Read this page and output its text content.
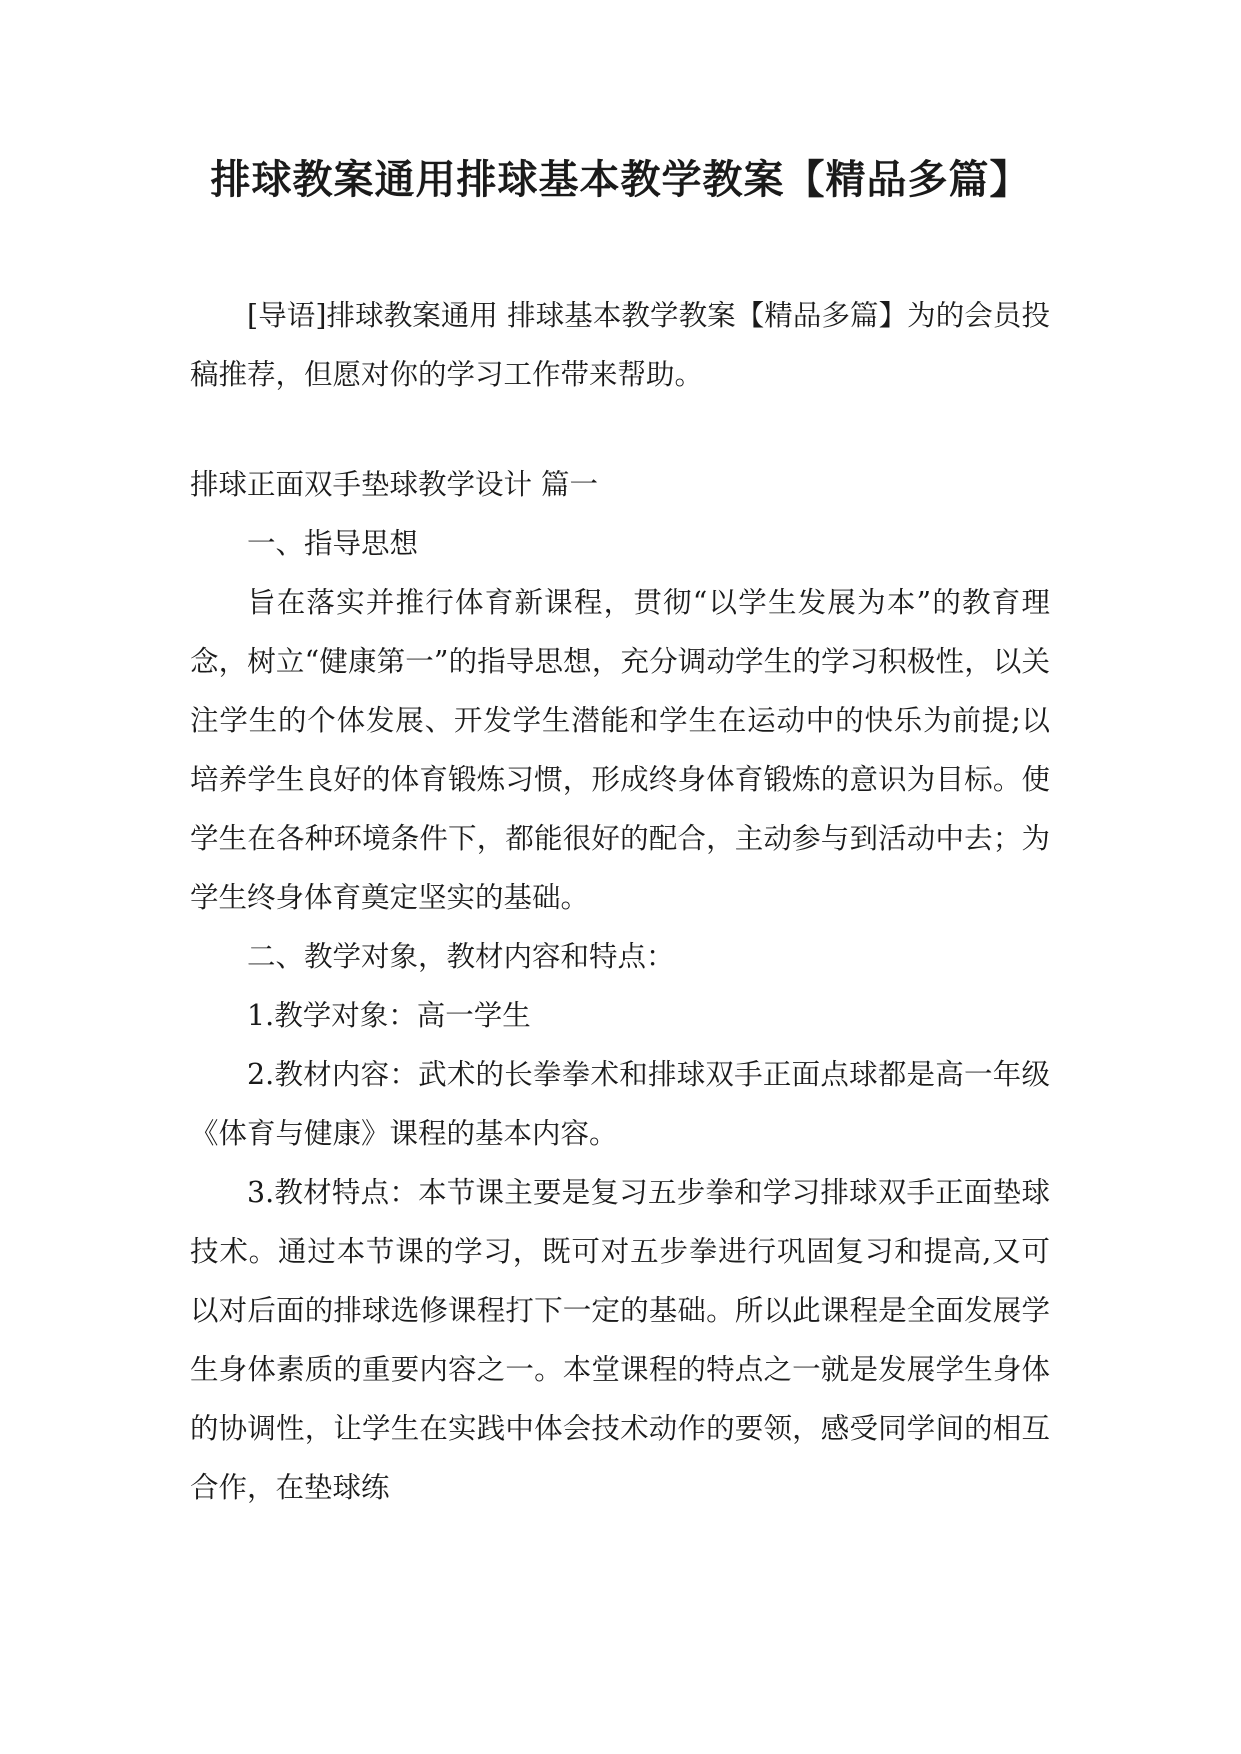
排球教案通用排球基本教学教案【精品多篇】

[导语]排球教案通用 排球基本教学教案【精品多篇】为的会员投稿推荐，但愿对你的学习工作带来帮助。

排球正面双手垫球教学设计 篇一

一、指导思想

旨在落实并推行体育新课程，贯彻“以学生发展为本”的教育理念，树立“健康第一”的指导思想，充分调动学生的学习积极性，以关注学生的个体发展、开发学生潜能和学生在运动中的快乐为前提;以培养学生良好的体育锻炼习惯，形成终身体育锻炼的意识为目标。使学生在各种环境条件下，都能很好的配合，主动参与到活动中去；为学生终身体育奠定坚实的基础。

二、教学对象，教材内容和特点：

1.教学对象：高一学生

2.教材内容：武术的长拳拳术和排球双手正面点球都是高一年级《体育与健康》课程的基本内容。

3.教材特点：本节课主要是复习五步拳和学习排球双手正面垫球技术。通过本节课的学习，既可对五步拳进行巩固复习和提高,又可以对后面的排球选修课程打下一定的基础。所以此课程是全面发展学生身体素质的重要内容之一。本堂课程的特点之一就是发展学生身体的协调性，让学生在实践中体会技术动作的要领，感受同学间的相互合作，在垫球练
